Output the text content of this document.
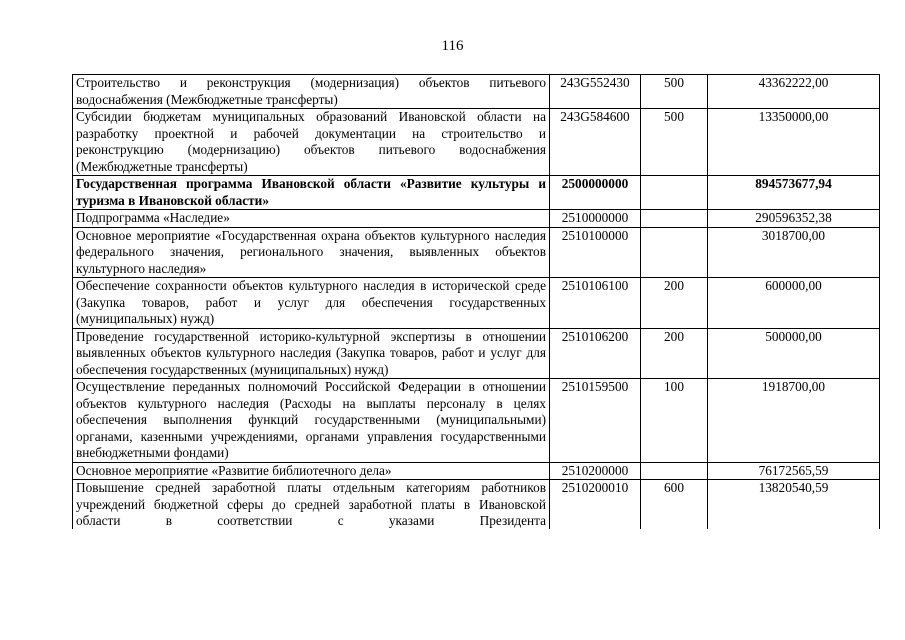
116
Строительство и реконструкция (модернизация) объектов питьевого водоснабжения (Межбюджетные трансферты)	243G552430	500	43362222,00
Субсидии бюджетам муниципальных образований Ивановской области на разработку проектной и рабочей документации на строительство и реконструкцию (модернизацию) объектов питьевого водоснабжения (Межбюджетные трансферты)	243G584600	500	13350000,00
Государственная программа Ивановской области «Развитие культуры и туризма в Ивановской области»	2500000000		894573677,94
Подпрограмма «Наследие»	2510000000		290596352,38
Основное мероприятие «Государственная охрана объектов культурного наследия федерального значения, регионального значения, выявленных объектов культурного наследия»	2510100000		3018700,00
Обеспечение сохранности объектов культурного наследия в исторической среде (Закупка товаров, работ и услуг для обеспечения государственных (муниципальных) нужд)	2510106100	200	600000,00
Проведение государственной историко-культурной экспертизы в отношении выявленных объектов культурного наследия (Закупка товаров, работ и услуг для обеспечения государственных (муниципальных) нужд)	2510106200	200	500000,00
Осуществление переданных полномочий Российской Федерации в отношении объектов культурного наследия (Расходы на выплаты персоналу в целях обеспечения выполнения функций государственными (муниципальными) органами, казенными учреждениями, органами управления государственными внебюджетными фондами)	2510159500	100	1918700,00
Основное мероприятие «Развитие библиотечного дела»	2510200000		76172565,59

Повышение средней заработной платы отдельным категориям работников учреждений бюджетной сферы до средней заработной платы в Ивановской области в соответствии с указами Президента	2510200010	600	13820540,59
